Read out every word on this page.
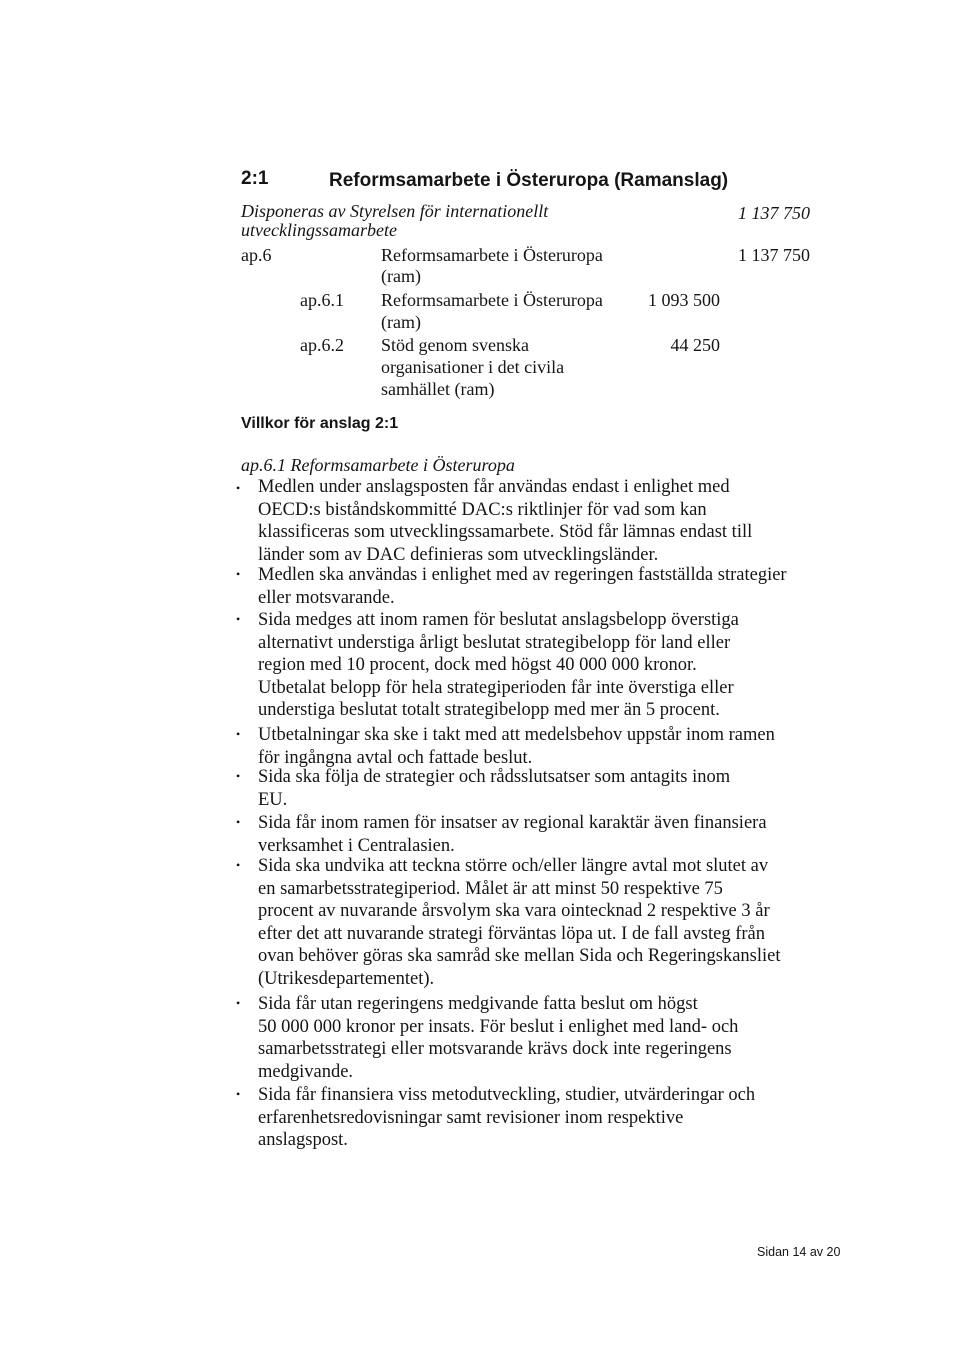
2:1	Reformsamarbete i Österuropa (Ramanslag)
Disponeras av Styrelsen för internationellt
utvecklingssamarbete
1 137 750
ap.6	Reformsamarbete i Österuropa
(ram)
1 137 750
ap.6.1 Reformsamarbete i Österuropa
(ram)
1 093 500
ap.6.2 Stöd genom svenska
organisationer i det civila
samhället (ram)
44 250
Villkor för anslag 2:1
ap.6.1 Reformsamarbete i Österuropa
• Medlen under anslagsposten får användas endast i enlighet med
OECD:s biståndskommitté DAC:s riktlinjer för vad som kan
klassificeras som utvecklingssamarbete. Stöd får lämnas endast till
länder som av DAC definieras som utvecklingsländer.
• Medlen ska användas i enlighet med av regeringen fastställda strategier
eller motsvarande.
• Sida medges att inom ramen för beslutat anslagsbelopp överstiga
alternativt understiga årligt beslutat strategibelopp för land eller
region med 10 procent, dock med högst 40 000 000 kronor.
Utbetalat belopp för hela strategiperioden får inte överstiga eller
understiga beslutat totalt strategibelopp med mer än 5 procent.
• Utbetalningar ska ske i takt med att medelsbehov uppstår inom ramen
för ingångna avtal och fattade beslut.
• Sida ska följa de strategier och rådsslutsatser som antagits inom
EU.
• Sida får inom ramen för insatser av regional karaktär även finansiera
verksamhet i Centralasien.
• Sida ska undvika att teckna större och/eller längre avtal mot slutet av
en samarbetsstrategiperiod. Målet är att minst 50 respektive 75
procent av nuvarande årsvolym ska vara ointecknad 2 respektive 3 år
efter det att nuvarande strategi förväntas löpa ut. I de fall avsteg från
ovan behöver göras ska samråd ske mellan Sida och Regeringskansliet
(Utrikesdepartementet).
• Sida får utan regeringens medgivande fatta beslut om högst
50 000 000 kronor per insats. För beslut i enlighet med land- och
samarbetsstrategi eller motsvarande krävs dock inte regeringens
medgivande.
• Sida får finansiera viss metodutveckling, studier, utvärderingar och
erfarenhetsredovisningar samt revisioner inom respektive
anslagspost.
Sidan 14 av 20
